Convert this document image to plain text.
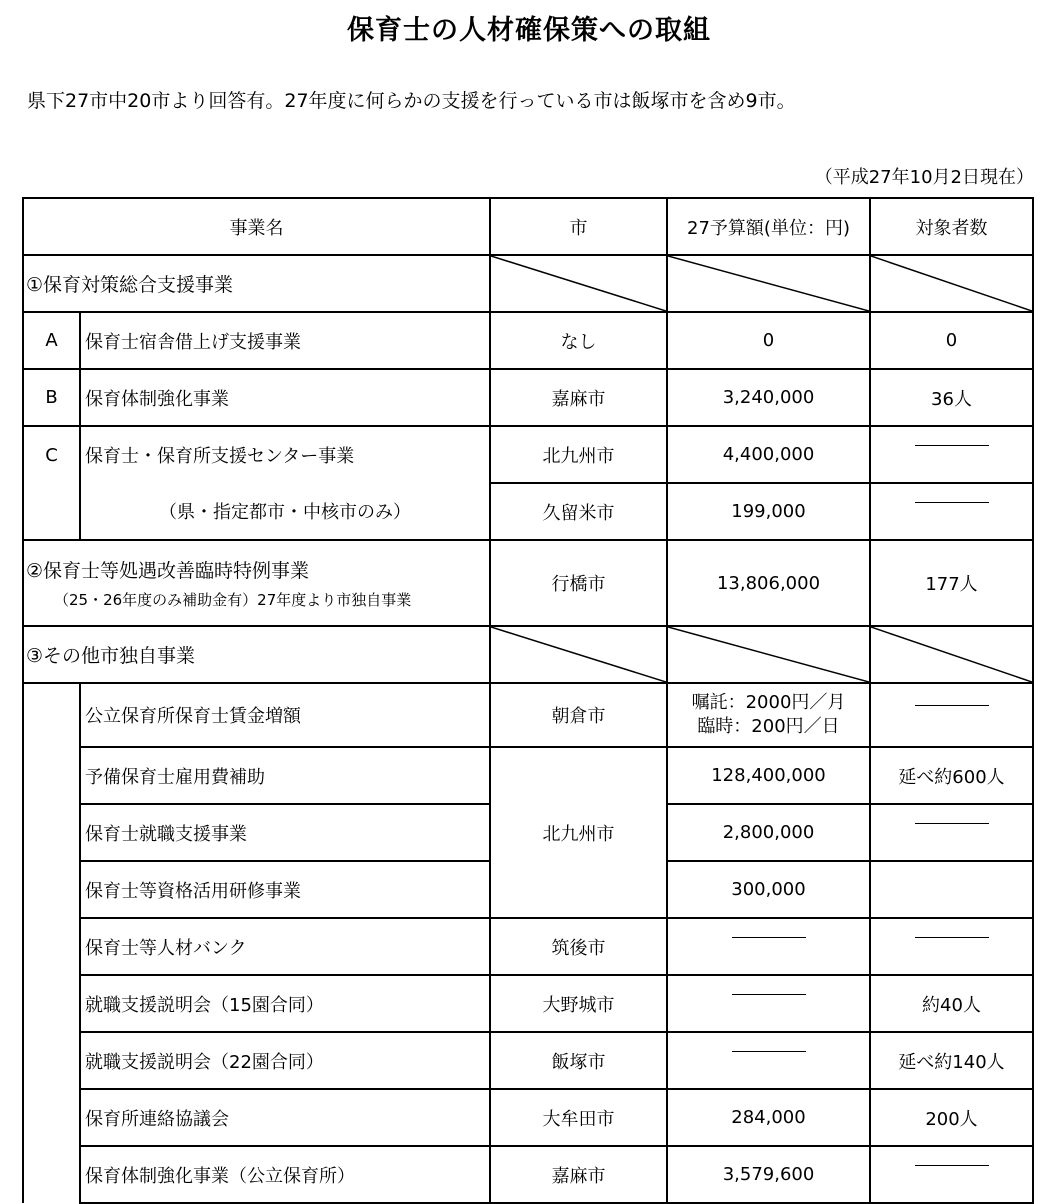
保育士の人材確保策への取組
県下27市中20市より回答有。27年度に何らかの支援を行っている市は飯塚市を含め9市。
（平成27年10月2日現在）
事業名		市	27予算額(単位：円)	対象者数
①保育対策総合支援事業	

A	保育士宿舎借上げ支援事業	なし	0	0
B	保育体制強化事業	嘉麻市	3,240,000	36人
C	保育士・保育所支援センター事業	北九州市	4,400,000	
	（県・指定都市・中核市のみ）	久留米市	199,000	
②保育士等処遇改善臨時特例事業
（25・26年度のみ補助金有）27年度より市独自事業		行橋市	13,806,000	177人
③その他市独自事業	

	公立保育所保育士賃金増額	朝倉市	嘱託：2000円／月
臨時：200円／日	

	予備保育士雇用費補助	北九州市	128,400,000	延べ約600人
	保育士就職支援事業		2,800,000	
	保育士等資格活用研修事業		300,000	
	保育士等人材バンク	筑後市		
	就職支援説明会（15園合同）	大野城市		約40人
	就職支援説明会（22園合同）	飯塚市		延べ約140人
	保育所連絡協議会	大牟田市	284,000	200人
	保育体制強化事業（公立保育所）	嘉麻市	3,579,600	
